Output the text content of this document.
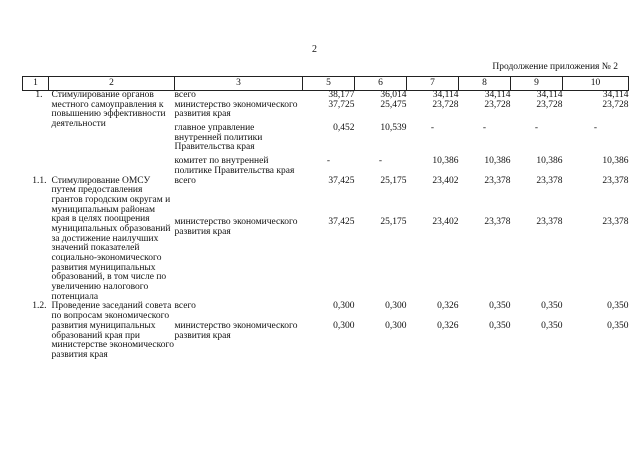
2
Продолжение приложения № 2
1	2	3	5	6	7	8	9	10
1.	Стимулирование органов местного самоуправления к повышению эффективности деятельности	всего	38,177	36,014	34,114	34,114	34,114	34,114
		министерство экономического развития края	37,725	25,475	23,728	23,728	23,728	23,728
		главное управление внутренней политики Правительства края	0,452	10,539	-	-	-	-
		комитет по внутренней политике Правительства края	-	-	10,386	10,386	10,386	10,386
1.1.	Стимулирование ОМСУ путем предоставления грантов городским округам и муниципальным районам края в целях поощрения муниципальных образований за достижение наилучших значений показателей социально-экономического развития муниципальных образований, в том числе по увеличению налогового потенциала	всего	37,425	25,175	23,402	23,378	23,378	23,378
		министерство экономического развития края	37,425	25,175	23,402	23,378	23,378	23,378
1.2.	Проведение заседаний совета по вопросам экономического развития муниципальных образований края при министерстве экономического развития края	всего	0,300	0,300	0,326	0,350	0,350	0,350
		министерство экономического развития края	0,300	0,300	0,326	0,350	0,350	0,350
